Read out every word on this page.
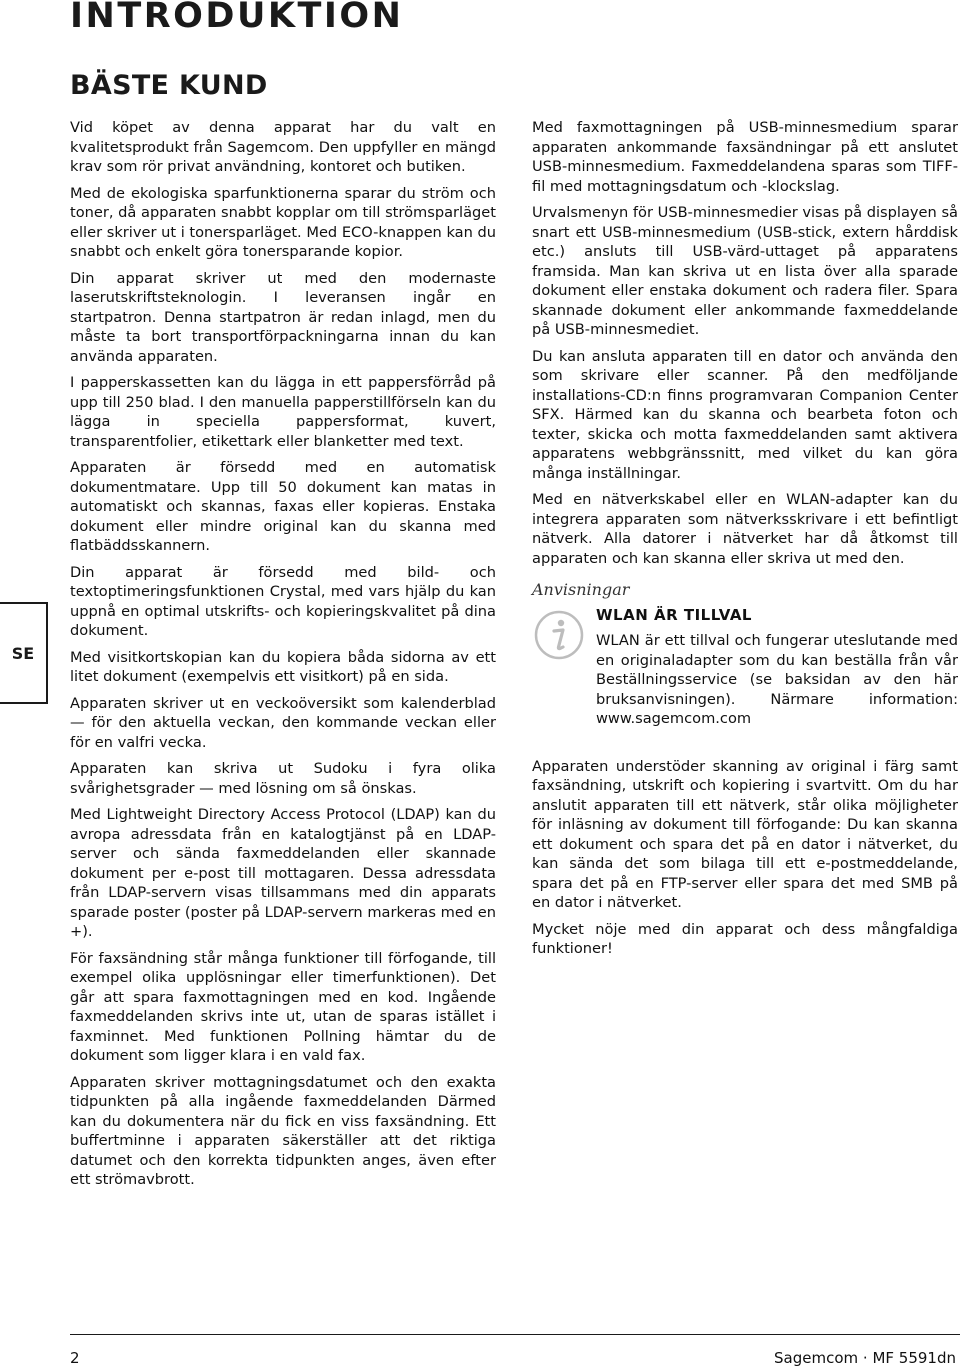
INTRODUKTION
BÄSTE KUND

Vid köpet av denna apparat har du valt en kvalitetsprodukt från Sagemcom. Den uppfyller en mängd krav som rör privat användning, kontoret och butiken.

Med de ekologiska sparfunktionerna sparar du ström och toner, då apparaten snabbt kopplar om till strömsparläget eller skriver ut i tonersparläget. Med ECO-knappen kan du snabbt och enkelt göra tonersparande kopior.

Din apparat skriver ut med den modernaste laserutskriftsteknologin. I leveransen ingår en startpatron. Denna startpatron är redan inlagd, men du måste ta bort transportförpackningarna innan du kan använda apparaten.

I papperskassetten kan du lägga in ett pappersförråd på upp till 250 blad. I den manuella papperstillförseln kan du lägga in speciella pappersformat, kuvert, transparentfolier, etikettark eller blanketter med text.

Apparaten är försedd med en automatisk dokumentmatare. Upp till 50 dokument kan matas in automatiskt och skannas, faxas eller kopieras. Enstaka dokument eller mindre original kan du skanna med flatbäddsskannern.

Din apparat är försedd med bild- och textoptimeringsfunktionen Crystal, med vars hjälp du kan uppnå en optimal utskrifts- och kopieringskvalitet på dina dokument.

Med visitkortskopian kan du kopiera båda sidorna av ett litet dokument (exempelvis ett visitkort) på en sida.

Apparaten skriver ut en veckoöversikt som kalenderblad — för den aktuella veckan, den kommande veckan eller för en valfri vecka.

Apparaten kan skriva ut Sudoku i fyra olika svårighetsgrader — med lösning om så önskas.

Med Lightweight Directory Access Protocol (LDAP) kan du avropa adressdata från en katalogtjänst på en LDAP-server och sända faxmeddelanden eller skannade dokument per e-post till mottagaren. Dessa adressdata från LDAP-servern visas tillsammans med din apparats sparade poster (poster på LDAP-servern markeras med en +).

För faxsändning står många funktioner till förfogande, till exempel olika upplösningar eller timerfunktionen). Det går att spara faxmottagningen med en kod. Ingående faxmeddelanden skrivs inte ut, utan de sparas istället i faxminnet. Med funktionen Pollning hämtar du de dokument som ligger klara i en vald fax.

Apparaten skriver mottagningsdatumet och den exakta tidpunkten på alla ingående faxmeddelanden Därmed kan du dokumentera när du fick en viss faxsändning. Ett buffertminne i apparaten säkerställer att det riktiga datumet och den korrekta tidpunkten anges, även efter ett strömavbrott.

Med faxmottagningen på USB-minnesmedium sparar apparaten ankommande faxsändningar på ett anslutet USB-minnesmedium. Faxmeddelandena sparas som TIFF-fil med mottagningsdatum och -klockslag.

Urvalsmenyn för USB-minnesmedier visas på displayen så snart ett USB-minnesmedium (USB-stick, extern hårddisk etc.) ansluts till USB-värd-uttaget på apparatens framsida. Man kan skriva ut en lista över alla sparade dokument eller enstaka dokument och radera filer. Spara skannade dokument eller ankommande faxmeddelande på USB-minnesmediet.

Du kan ansluta apparaten till en dator och använda den som skrivare eller scanner. På den medföljande installations-CD:n finns programvaran Companion Center SFX. Härmed kan du skanna och bearbeta foton och texter, skicka och motta faxmeddelanden samt aktivera apparatens webbgränssnitt, med vilket du kan göra många inställningar.

Med en nätverkskabel eller en WLAN-adapter kan du integrera apparaten som nätverksskrivare i ett befintligt nätverk. Alla datorer i nätverket har då åtkomst till apparaten och kan skanna eller skriva ut med den.

Anvisningar
WLAN ÄR TILLVAL

WLAN är ett tillval och fungerar uteslutande med en originaladapter som du kan beställa från vår Beställningsservice (se baksidan av den här bruksanvisningen). Närmare information: www.sagemcom.com

Apparaten understöder skanning av original i färg samt faxsändning, utskrift och kopiering i svartvitt. Om du har anslutit apparaten till ett nätverk, står olika möjligheter för inläsning av dokument till förfogande: Du kan skanna ett dokument och spara det på en dator i nätverket, du kan sända det som bilaga till ett e-postmeddelande, spara det på en FTP-server eller spara det med SMB på en dator i nätverket.

Mycket nöje med din apparat och dess mångfaldiga funktioner!

SE
2	Sagemcom · MF 5591dn
